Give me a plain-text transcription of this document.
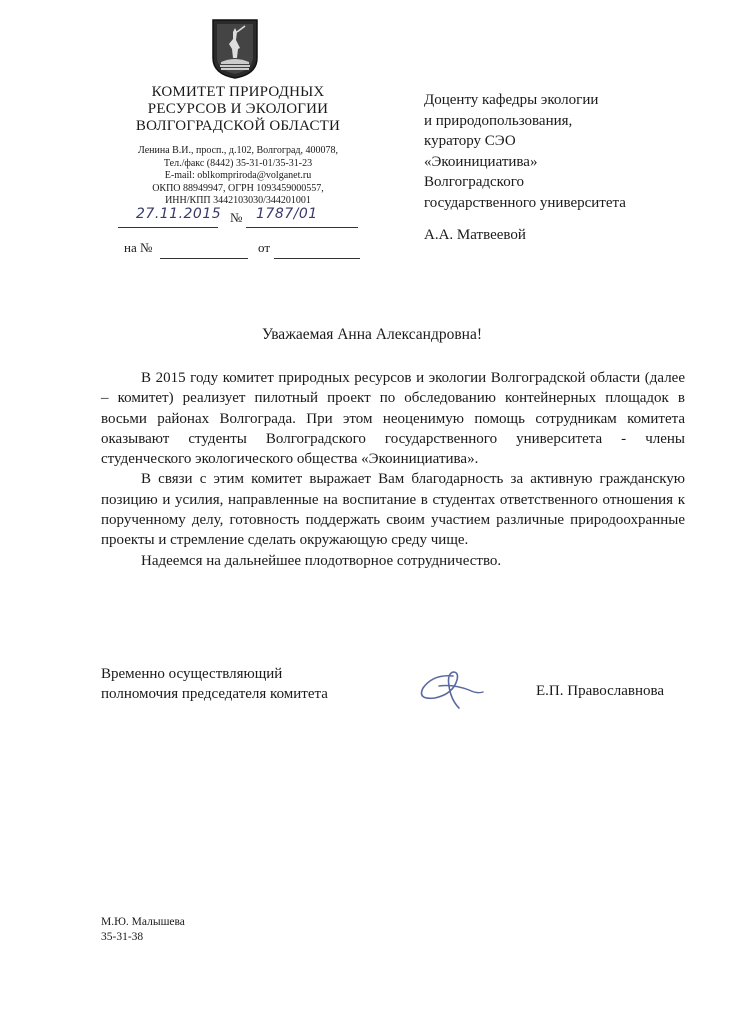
КОМИТЕТ ПРИРОДНЫХ
РЕСУРСОВ И ЭКОЛОГИИ
ВОЛГОГРАДСКОЙ ОБЛАСТИ
Ленина В.И., просп., д.102, Волгоград, 400078,
Тел./факс (8442) 35-31-01/35-31-23
E-mail: oblkompriroda@volganet.ru
ОКПО 88949947, ОГРН 1093459000557,
ИНН/КПП 3442103030/344201001
27.11.2015 № 1787/01
на №	от
Доценту кафедры экологии
и природопользования,
куратору СЭО
«Экоинициатива»
Волгоградского
государственного университета
А.А. Матвеевой
Уважаемая Анна Александровна!

В 2015 году комитет природных ресурсов и экологии Волгоградской области (далее – комитет) реализует пилотный проект по обследованию контейнерных площадок в восьми районах Волгограда. При этом неоценимую помощь сотрудникам комитета оказывают студенты Волгоградского государственного университета - члены студенческого экологического общества «Экоинициатива».

В связи с этим комитет выражает Вам благодарность за активную гражданскую позицию и усилия, направленные на воспитание в студентах ответственного отношения к порученному делу, готовность поддержать своим участием различные природоохранные проекты и стремление сделать окружающую среду чище.

Надеемся на дальнейшее плодотворное сотрудничество.

Временно осуществляющий
полномочия председателя комитета	Е.П. Православнова
М.Ю. Малышева
35-31-38
